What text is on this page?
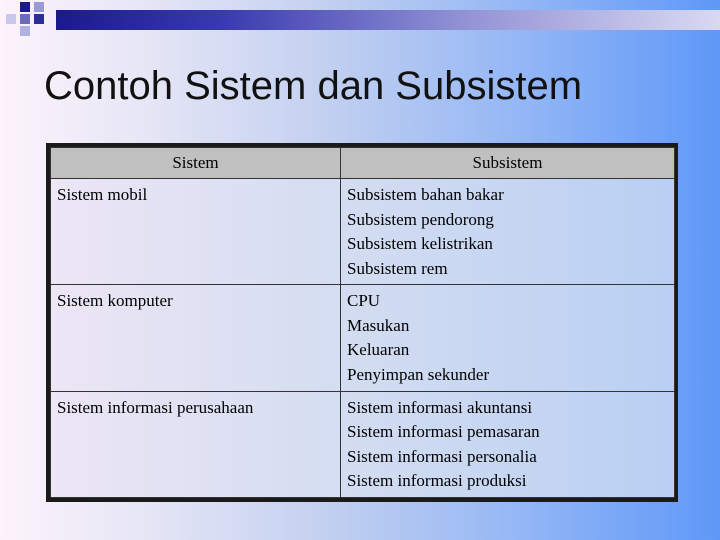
Contoh Sistem dan Subsistem
Sistem	Subsistem
Sistem mobil	Subsistem bahan bakar
Subsistem pendorong
Subsistem kelistrikan
Subsistem rem

Sistem komputer	CPU
Masukan
Keluaran
Penyimpan sekunder

Sistem informasi perusahaan	Sistem informasi akuntansi
Sistem informasi pemasaran
Sistem informasi personalia
Sistem informasi produksi
